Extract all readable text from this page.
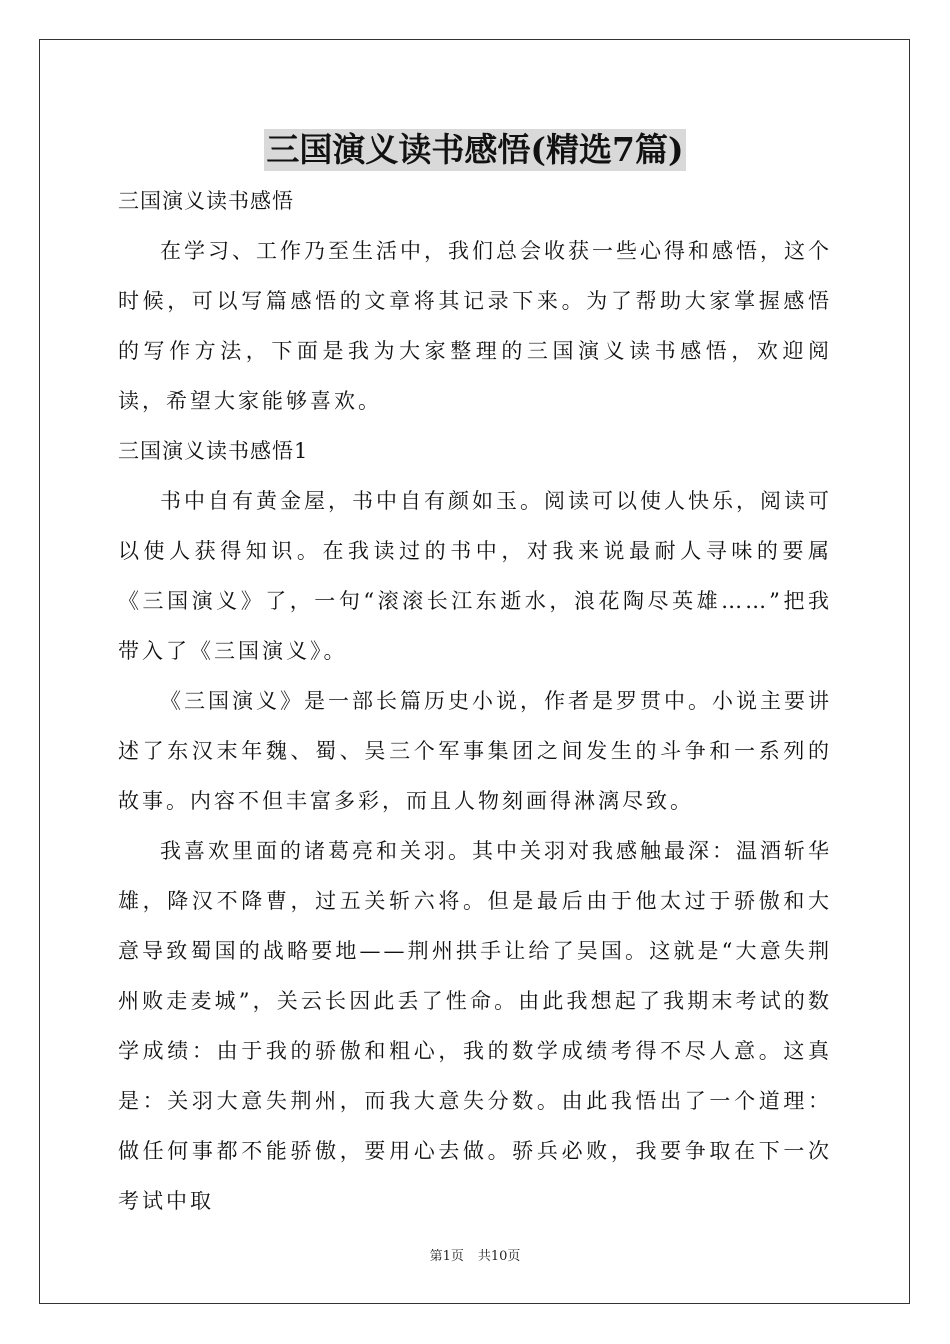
三国演义读书感悟(精选7篇)

三国演义读书感悟

在学习、工作乃至生活中，我们总会收获一些心得和感悟，这个时候，可以写篇感悟的文章将其记录下来。为了帮助大家掌握感悟的写作方法，下面是我为大家整理的三国演义读书感悟，欢迎阅读，希望大家能够喜欢。

三国演义读书感悟1

书中自有黄金屋，书中自有颜如玉。阅读可以使人快乐，阅读可以使人获得知识。在我读过的书中，对我来说最耐人寻味的要属《三国演义》了，一句“滚滚长江东逝水，浪花陶尽英雄……”把我带入了《三国演义》。

《三国演义》是一部长篇历史小说，作者是罗贯中。小说主要讲述了东汉末年魏、蜀、吴三个军事集团之间发生的斗争和一系列的故事。内容不但丰富多彩，而且人物刻画得淋漓尽致。

我喜欢里面的诸葛亮和关羽。其中关羽对我感触最深：温酒斩华雄，降汉不降曹，过五关斩六将。但是最后由于他太过于骄傲和大意导致蜀国的战略要地——荆州拱手让给了吴国。这就是“大意失荆州败走麦城”，关云长因此丢了性命。由此我想起了我期末考试的数学成绩：由于我的骄傲和粗心，我的数学成绩考得不尽人意。这真是：关羽大意失荆州，而我大意失分数。由此我悟出了一个道理：做任何事都不能骄傲，要用心去做。骄兵必败，我要争取在下一次考试中取

第1页 共10页
